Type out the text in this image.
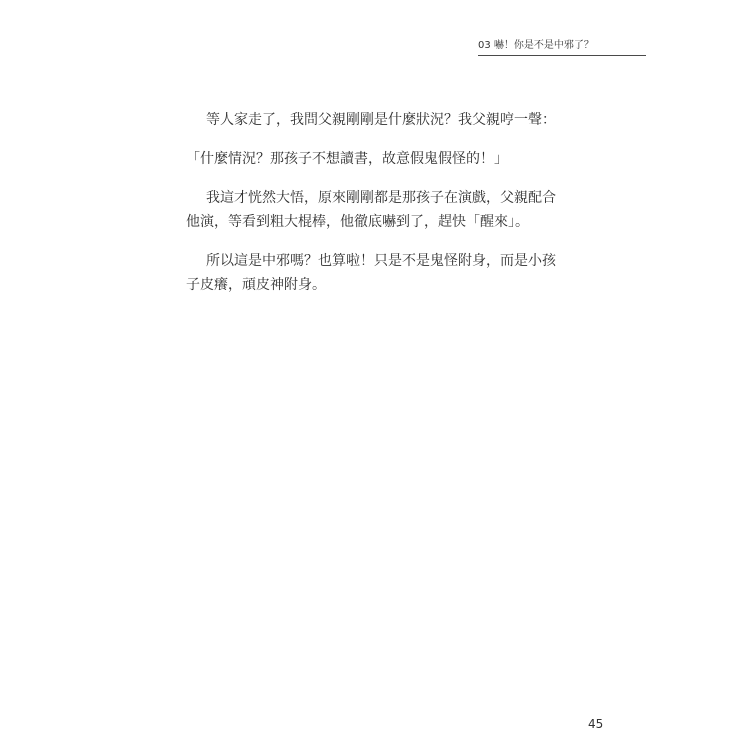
03 嚇！你是不是中邪了？

等人家走了，我問父親剛剛是什麼狀況？我父親哼一聲：

「什麼情況？那孩子不想讀書，故意假鬼假怪的！」

我這才恍然大悟，原來剛剛都是那孩子在演戲，父親配合
他演，等看到粗大棍棒，他徹底嚇到了，趕快「醒來」。

所以這是中邪嗎？也算啦！只是不是鬼怪附身，而是小孩
子皮癢，頑皮神附身。

45
